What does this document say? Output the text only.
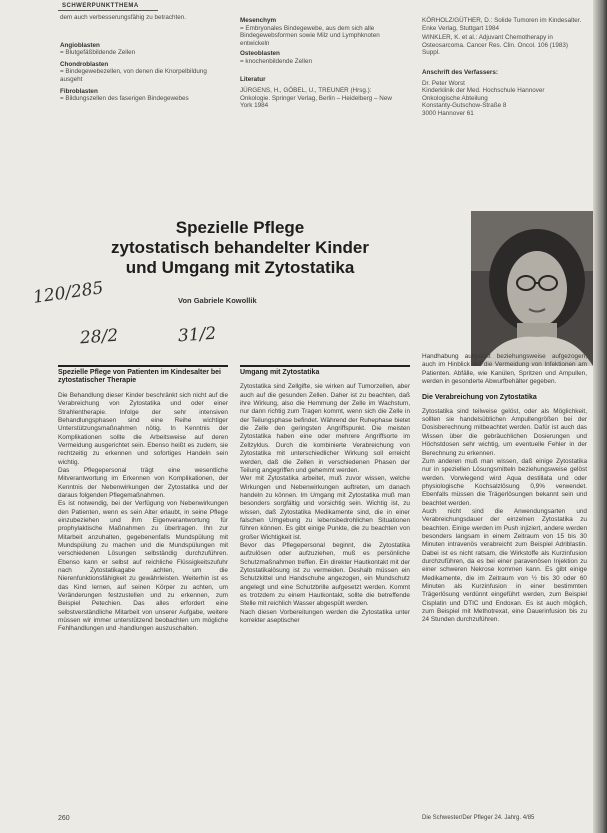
SCHWERPUNKTTHEMA

dem auch verbesserungsfähig zu betrachten.

Angioblasten

= Blutgefäßbildende Zellen

Chondroblasten

= Bindegewebezellen, von denen die Knorpelbildung ausgeht

Fibroblasten

= Bildungszellen des faserigen Bindegewebes

Mesenchym

= Embryonales Bindegewebe, aus dem sich alle Bindegewebsformen sowie Milz und Lymphknoten entwickeln

Osteoblasten

= knochenbildende Zellen

Literatur

JÜRGENS, H., GÖBEL, U., TREUNER (Hrsg.): Onkologie. Springer Verlag, Berlin – Heidelberg – New York 1984

KÖRHOLZ/GÜTHER, D.: Solide Tumoren im Kindesalter. Enke Verlag, Stuttgart 1984

WINKLER, K. et al.: Adjuvant Chemotherapy in Osteosarcoma. Cancer Res. Clin. Oncol. 106 (1983) Suppl.

Anschrift des Verfassers:

Dr. Peter Worst
Kinderklinik der Med. Hochschule Hannover
Onkologische Abteilung
Konstanty-Gutschow-Straße 8
3000 Hannover 61

Spezielle Pflege
zytostatisch behandelter Kinder
und Umgang mit Zytostatika
Von Gabriele Kowollik
120/285
28/2	31/2
Spezielle Pflege von Patienten im Kindesalter bei zytostatischer Therapie

Die Behandlung dieser Kinder beschränkt sich nicht auf die Verabreichung von Zytostatika und oder einer Strahlentherapie. Infolge der sehr intensiven Behandlungsphasen sind eine Reihe wichtiger Unterstützungsmaßnahmen nötig. In Kenntnis der Komplikationen sollte die Arbeitsweise auf deren Vermeidung ausgerichtet sein. Ebenso heißt es zudem, sie rechtzeitig zu erkennen und sofortiges Handeln sein wichtig.

Das Pflegepersonal trägt eine wesentliche Mitverantwortung im Erkennen von Komplikationen, der Kenntnis der Nebenwirkungen der Zytostatika und der daraus folgenden Pflegemaßnahmen.

Es ist notwendig, bei der Verfügung von Nebenwirkungen den Patienten, wenn es sein Alter erlaubt, in seine Pflege einzubeziehen und ihm Eigenverantwortung für prophylaktische Maßnahmen zu übertragen. Ihn zur Mitarbeit anzuhalten, gegebenenfalls Mundspülung mit Mundspülung zu machen und die Mundspülungen mit verschiedenen Lösungen selbständig durchzuführen. Ebenso kann er selbst auf reichliche Flüssigkeitszufuhr nach Zytostatikagabe achten, um die Nierenfunktionsfähigkeit zu gewährleisten. Weiterhin ist es das Kind lernen, auf seinen Körper zu achten, um Veränderungen festzustellen und zu erkennen, zum Beispiel Petechien. Das alles erfordert eine selbstverständliche Mitarbeit von unserer Aufgabe, weitere müssen wir immer unterstützend beobachten um mögliche Fehlhandlungen und -handlungen auszuschalten.

Umgang mit Zytostatika

Zytostatika sind Zellgifte, sie wirken auf Tumorzellen, aber auch auf die gesunden Zellen. Daher ist zu beachten, daß ihre Wirkung, also die Hemmung der Zelle im Wachstum, nur dann richtig zum Tragen kommt, wenn sich die Zelle in der Teilungsphase befindet. Während der Ruhephase bietet die Zelle den geringsten Angriffspunkt. Die meisten Zytostatika haben eine oder mehrere Angriffsorte im Zellzyklus. Durch die kombinierte Verabreichung von Zytostatika mit unterschiedlicher Wirkung soll erreicht werden, daß die Zellen in verschiedenen Phasen der Teilung angegriffen und gehemmt werden.

Wer mit Zytostatika arbeitet, muß zuvor wissen, welche Wirkungen und Nebenwirkungen auftreten, um danach handeln zu können. Im Umgang mit Zytostatika muß man besonders sorgfältig und vorsichtig sein. Wichtig ist, zu wissen, daß Zytostatika Medikamente sind, die in einer falschen Umgebung zu lebensbedrohlichen Situationen führen können. Es gibt einige Punkte, die zu beachten von großer Wichtigkeit ist.

Bevor das Pflegepersonal beginnt, die Zytostatika aufzulösen oder aufzuziehen, muß es persönliche Schutzmaßnahmen treffen. Ein direkter Hautkontakt mit der Zytostatikalösung ist zu vermeiden. Deshalb müssen ein Schutzkittel und Handschuhe angezogen, ein Mundschutz angelegt und eine Schutzbrille aufgesetzt werden. Kommt es trotzdem zu einem Hautkontakt, sollte die betreffende Stelle mit reichlich Wasser abgespült werden.

Nach diesen Vorbereitungen werden die Zytostatika unter korrekter aseptischer

Handhabung aufgelöst beziehungsweise aufgezogen, auch im Hinblick auf die Vermeidung von Infektionen am Patienten. Abfälle, wie Kanülen, Spritzen und Ampullen, werden in gesonderte Abwurfbehälter gegeben.

Die Verabreichung von Zytostatika

Zytostatika sind teilweise gelöst, oder als Möglichkeit, sollten sie handelsüblichen Ampullengrößen bei der Dosisberechnung mitbeachtet werden. Dafür ist auch das Wissen über die gebräuchlichen Dosierungen und Höchstdosen sehr wichtig, um eventuelle Fehler in der Berechnung zu erkennen.

Zum anderen muß man wissen, daß einige Zytostatika nur in speziellen Lösungsmitteln beziehungsweise gelöst werden. Vorwiegend wird Aqua destillata und oder physiologische Kochsalzlösung 0,9% verwendet. Ebenfalls müssen die Trägerlösungen bekannt sein und beachtet werden.

Auch nicht sind die Anwendungsarten und Verabreichungsdauer der einzelnen Zytostatika zu beachten. Einige werden im Push injiziert, andere werden besonders langsam in einem Zeitraum von 15 bis 30 Minuten intravenös verabreicht zum Beispiel Adriblastin. Dabei ist es nicht ratsam, die Wirkstoffe als Kurzinfusion durchzuführen, da es bei einer paravenösen Injektion zu einer schweren Nekrose kommen kann. Es gibt einige Medikamente, die im Zeitraum von ½ bis 30 oder 60 Minuten als Kurzinfusion in einer bestimmten Trägerlösung verdünnt eingeführt werden, zum Beispiel Cisplatin und DTIC und Endoxan. Es ist auch möglich, zum Beispiel mit Methotrexat, eine Dauerinfusion bis zu 24 Stunden durchzuführen.

260	Die Schwester/Der Pfleger 24. Jahrg. 4/85
